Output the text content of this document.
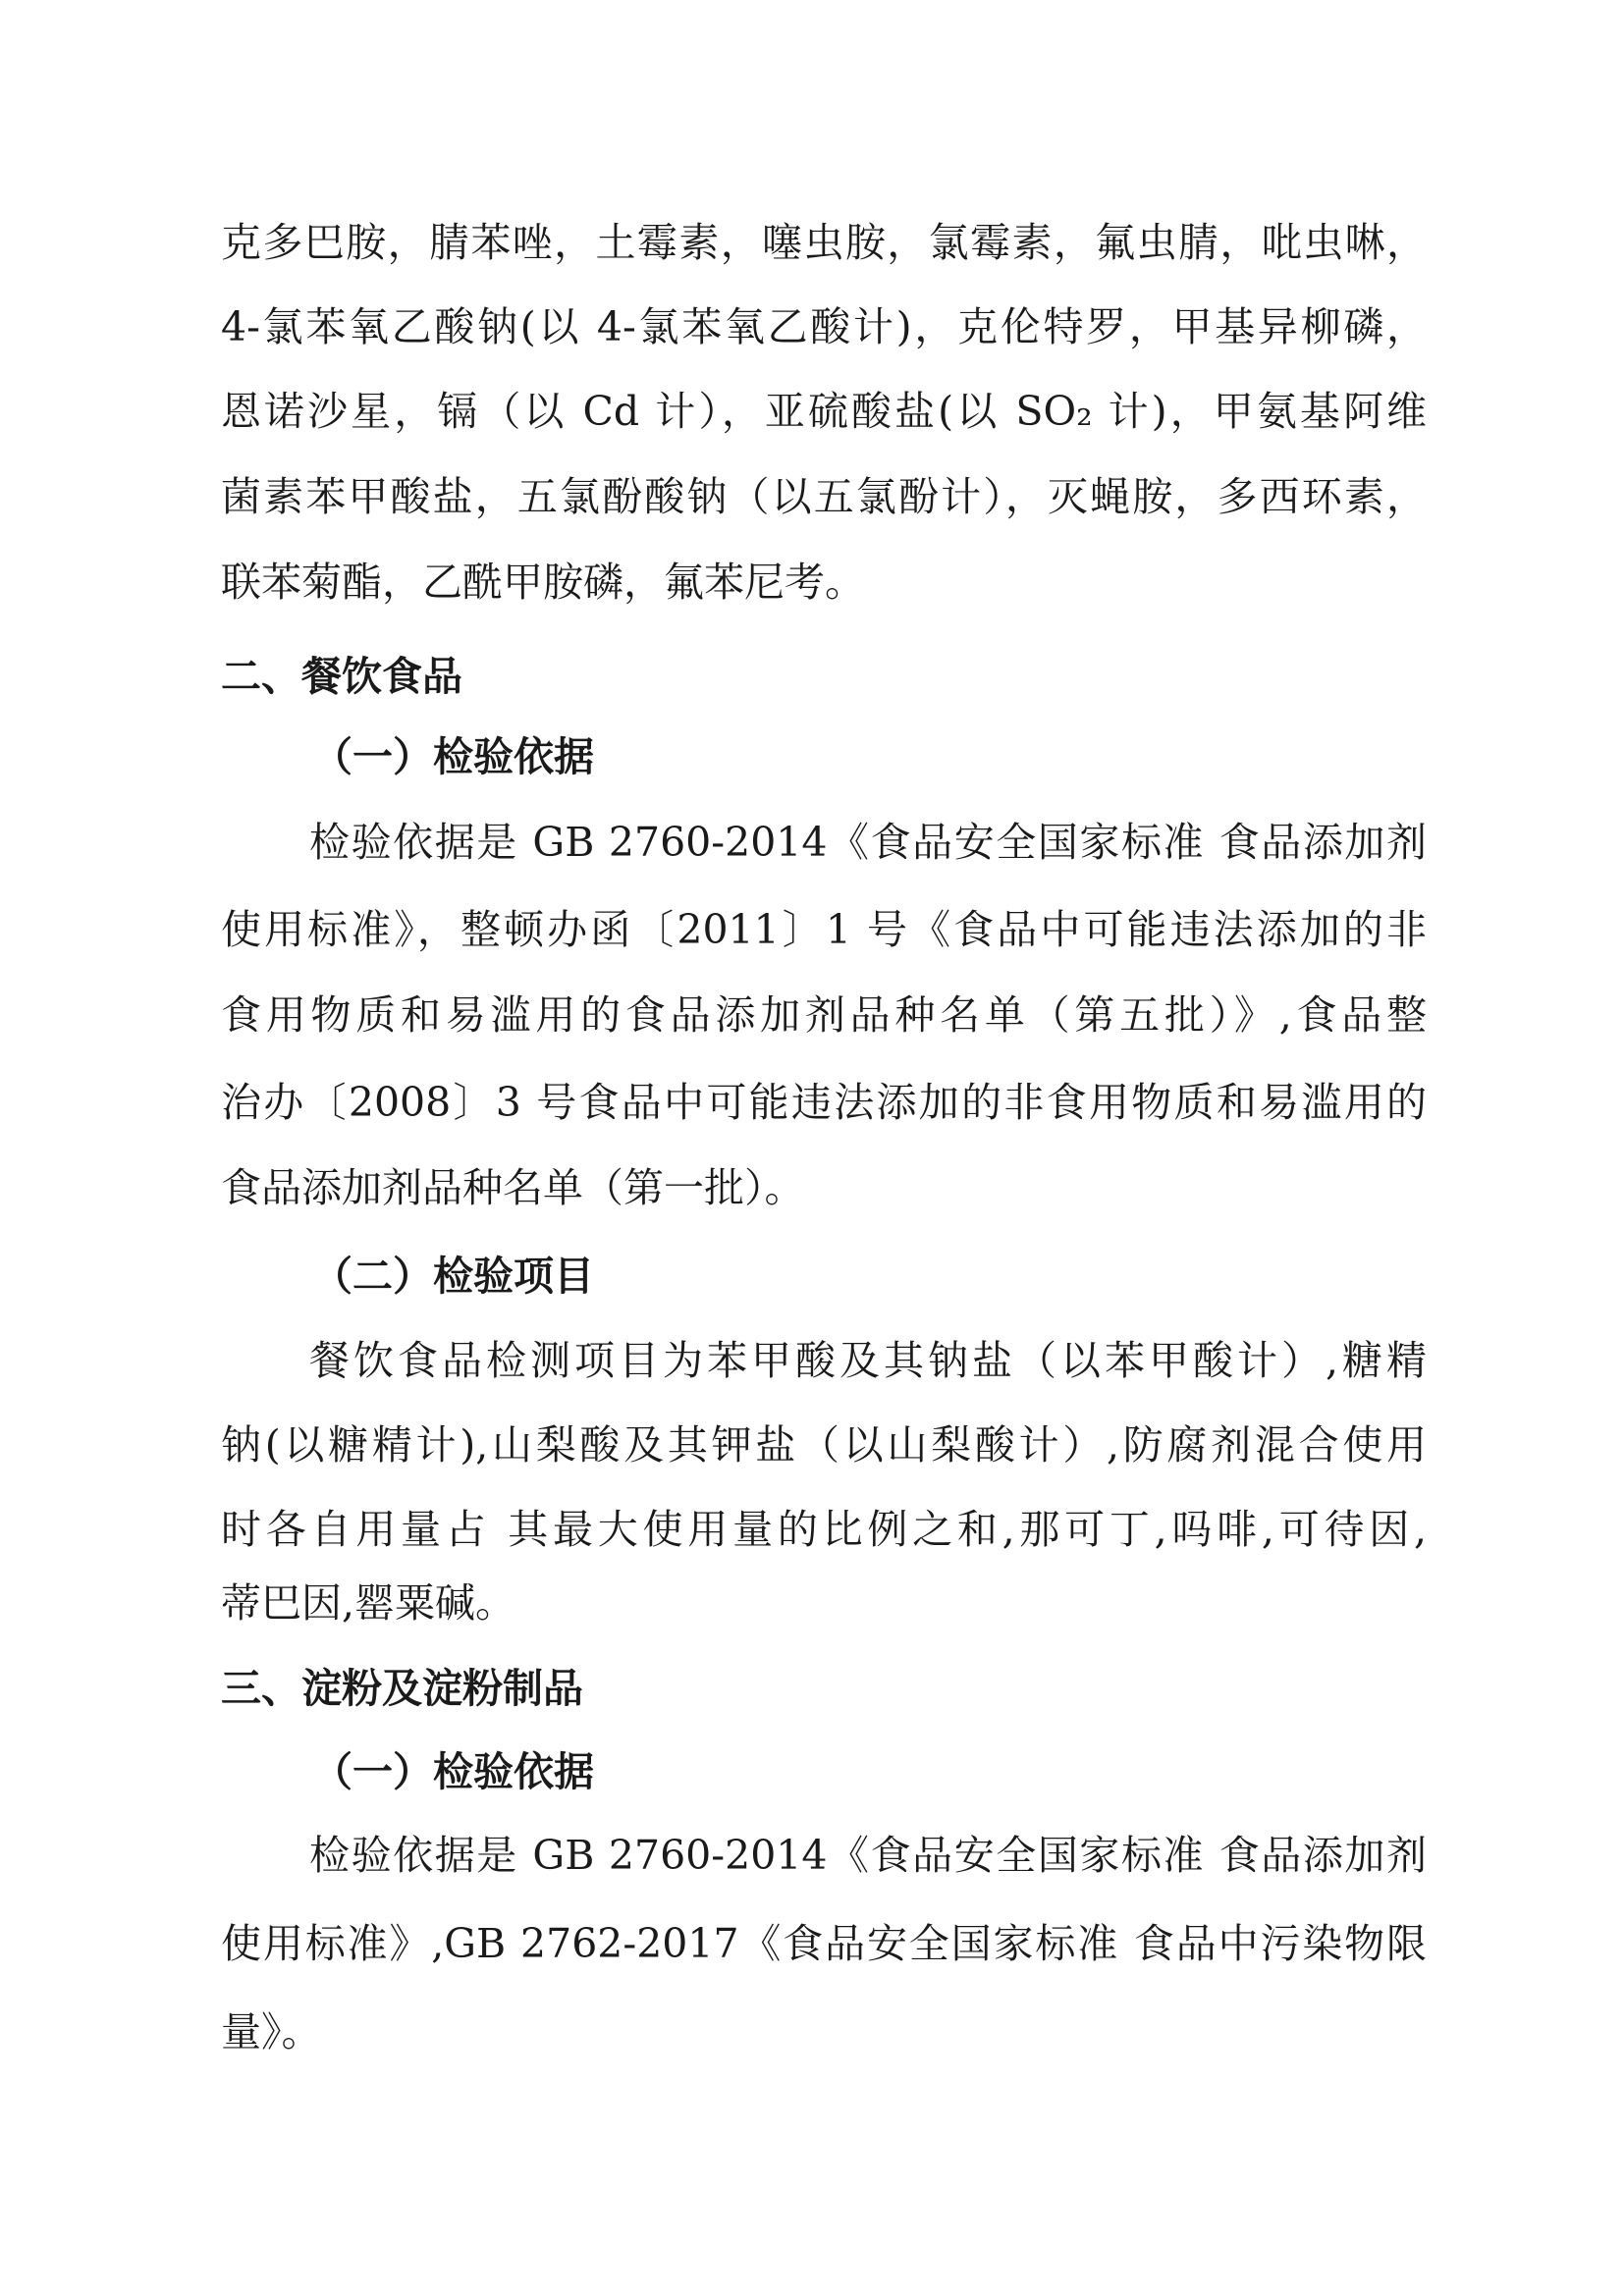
克多巴胺，腈苯唑，土霉素，噻虫胺，氯霉素，氟虫腈，吡虫啉，
4-氯苯氧乙酸钠(以 4-氯苯氧乙酸计)，克伦特罗，甲基异柳磷，
恩诺沙星，镉（以 Cd 计），亚硫酸盐(以 SO₂ 计)，甲氨基阿维
菌素苯甲酸盐，五氯酚酸钠（以五氯酚计），灭蝇胺，多西环素，
联苯菊酯，乙酰甲胺磷，氟苯尼考。
二、餐饮食品
（一）检验依据
检验依据是 GB 2760-2014《食品安全国家标准 食品添加剂
使用标准》，整顿办函〔2011〕1 号《食品中可能违法添加的非
食用物质和易滥用的食品添加剂品种名单（第五批）》,食品整
治办〔2008〕3 号食品中可能违法添加的非食用物质和易滥用的
食品添加剂品种名单（第一批）。
（二）检验项目
餐饮食品检测项目为苯甲酸及其钠盐（以苯甲酸计）,糖精
钠(以糖精计),山梨酸及其钾盐（以山梨酸计）,防腐剂混合使用
时各自用量占 其最大使用量的比例之和,那可丁,吗啡,可待因,
蒂巴因,罂粟碱。
三、淀粉及淀粉制品
（一）检验依据
检验依据是 GB 2760-2014《食品安全国家标准 食品添加剂
使用标准》,GB 2762-2017《食品安全国家标准 食品中污染物限
量》。
